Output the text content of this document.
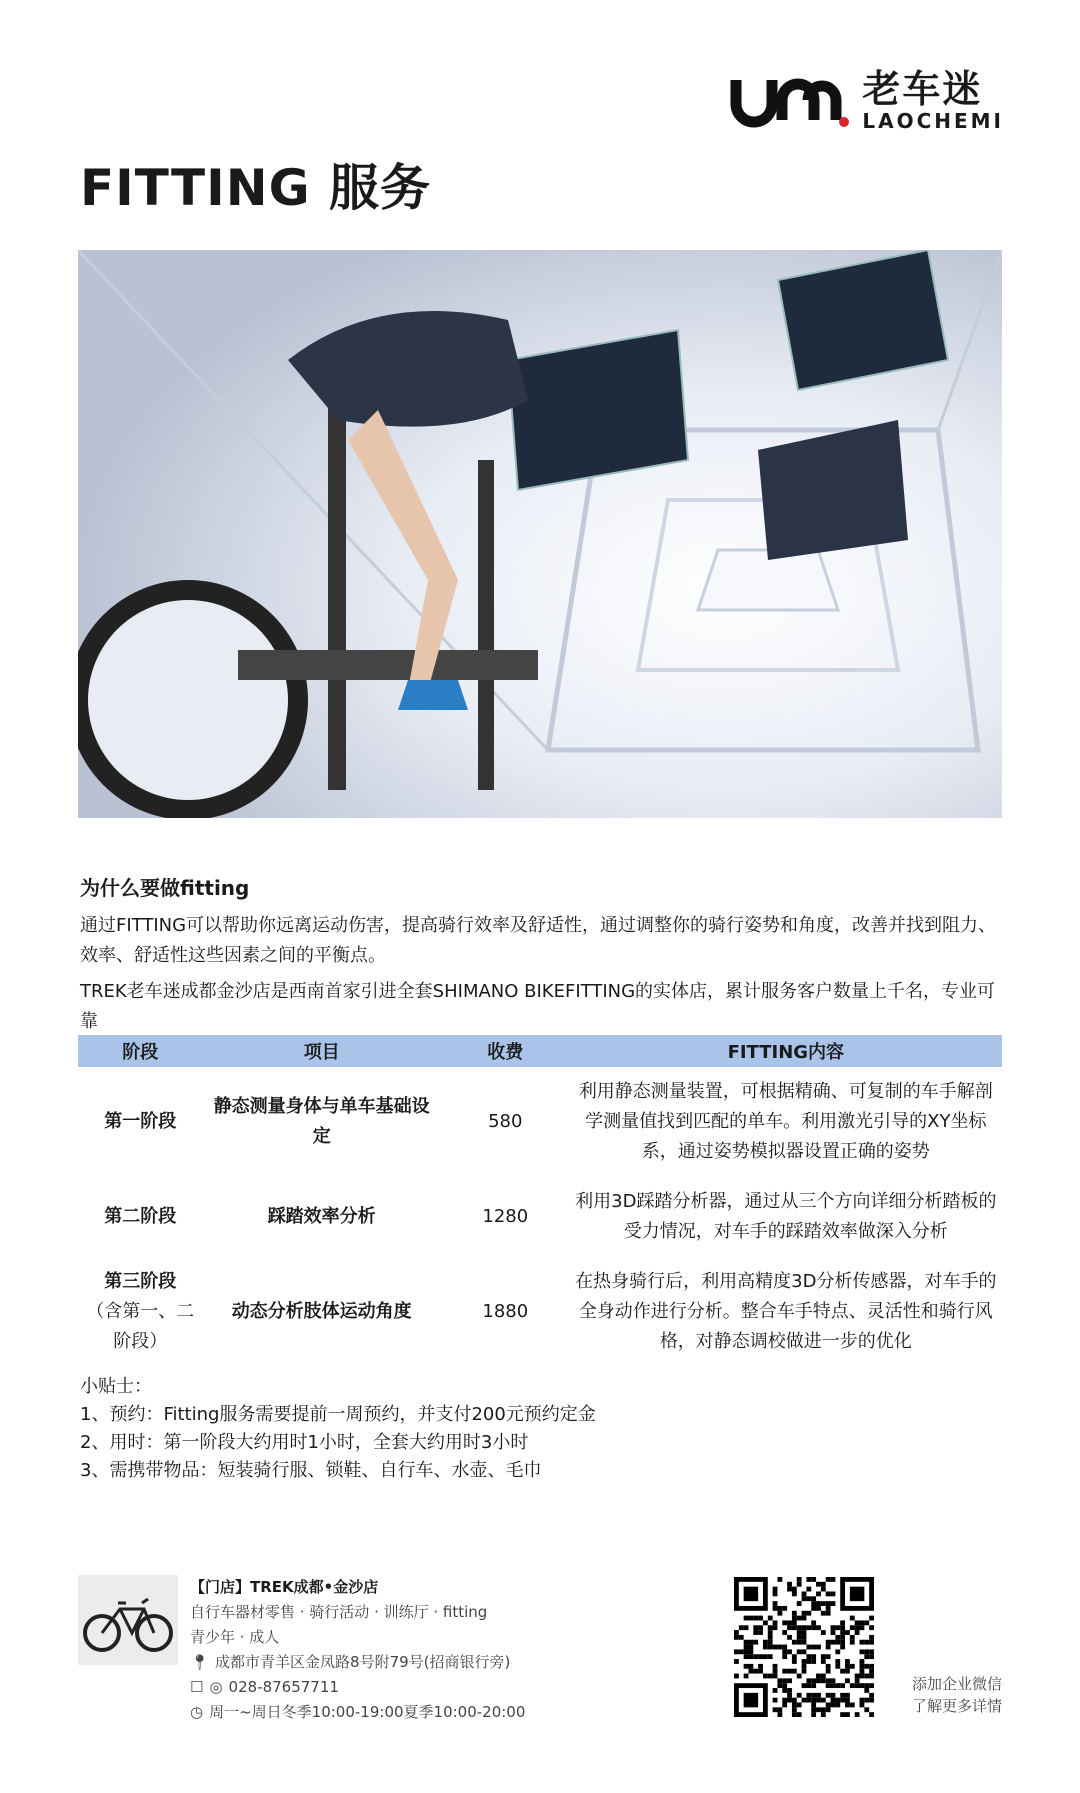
老车迷
LAOCHEMI
FITTING 服务
为什么要做fitting

通过FITTING可以帮助你远离运动伤害，提高骑行效率及舒适性，通过调整你的骑行姿势和角度，改善并找到阻力、效率、舒适性这些因素之间的平衡点。

TREK老车迷成都金沙店是西南首家引进全套SHIMANO BIKEFITTING的实体店，累计服务客户数量上千名，专业可靠

阶段	项目	收费	FITTING内容
第一阶段	静态测量身体与单车基础设定	580	利用静态测量装置，可根据精确、可复制的车手解剖学测量值找到匹配的单车。利用激光引导的XY坐标系，通过姿势模拟器设置正确的姿势
第二阶段	踩踏效率分析	1280	利用3D踩踏分析器，通过从三个方向详细分析踏板的受力情况，对车手的踩踏效率做深入分析
第三阶段
（含第一、二阶段）	动态分析肢体运动角度	1880	在热身骑行后，利用高精度3D分析传感器，对车手的全身动作进行分析。整合车手特点、灵活性和骑行风格，对静态调校做进一步的优化
小贴士：
1、预约：Fitting服务需要提前一周预约，并支付200元预约定金
2、用时：第一阶段大约用时1小时，全套大约用时3小时
3、需携带物品：短装骑行服、锁鞋、自行车、水壶、毛巾
【门店】TREK成都•金沙店
自行车器材零售 · 骑行活动 · 训练厅 · fitting
青少年 · 成人
📍︎ 成都市青羊区金凤路8号附79号(招商银行旁)
☐ ◎ 028-87657711
◷ 周一~周日冬季10:00-19:00夏季10:00-20:00
添加企业微信
了解更多详情
